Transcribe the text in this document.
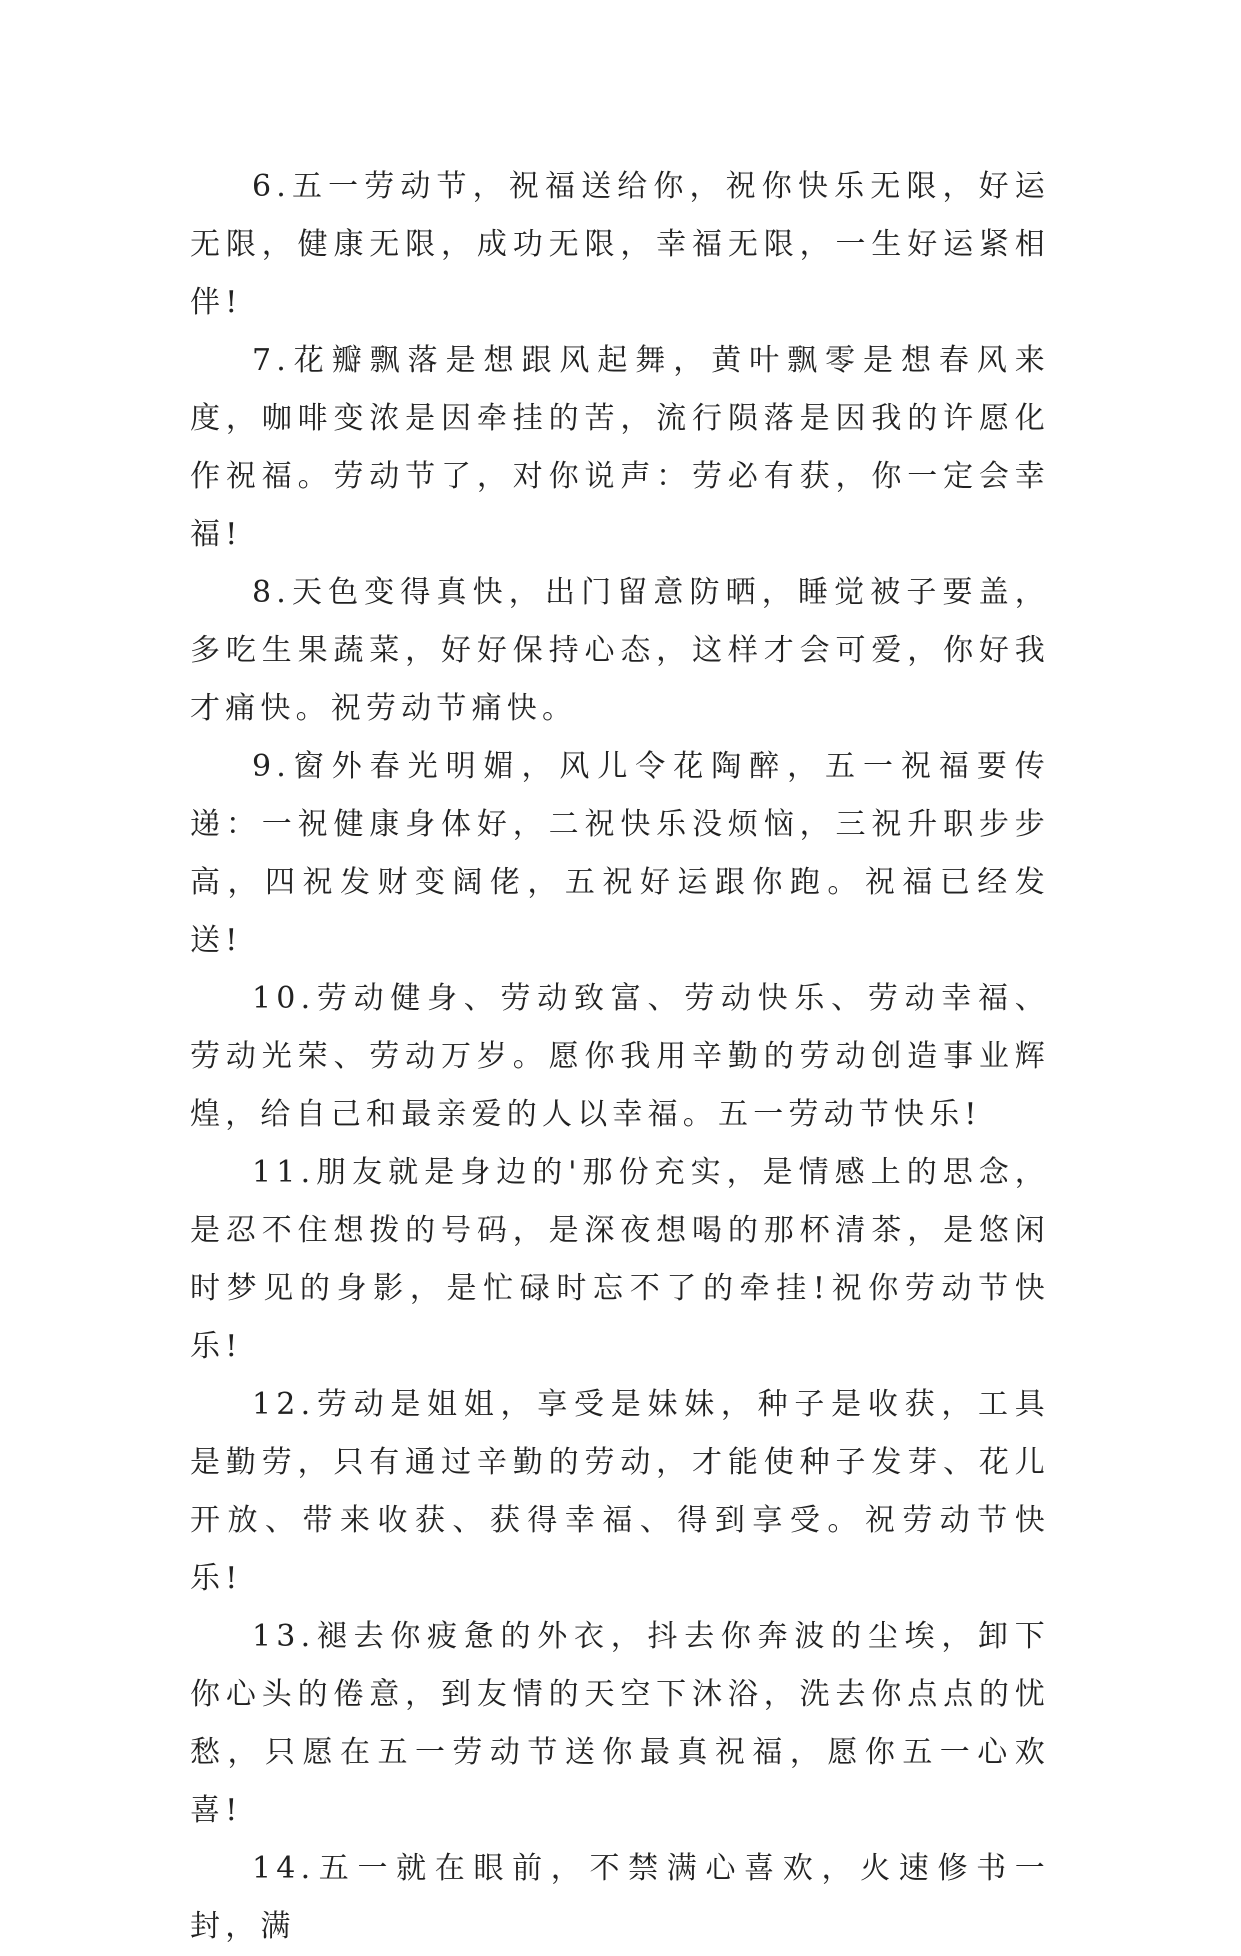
6.五一劳动节，祝福送给你，祝你快乐无限，好运无限，健康无限，成功无限，幸福无限，一生好运紧相伴!

7.花瓣飘落是想跟风起舞，黄叶飘零是想春风来度，咖啡变浓是因牵挂的苦，流行陨落是因我的许愿化作祝福。劳动节了，对你说声：劳必有获，你一定会幸福!

8.天色变得真快，出门留意防晒，睡觉被子要盖，多吃生果蔬菜，好好保持心态，这样才会可爱，你好我才痛快。祝劳动节痛快。

9.窗外春光明媚，风儿令花陶醉，五一祝福要传递：一祝健康身体好，二祝快乐没烦恼，三祝升职步步高，四祝发财变阔佬，五祝好运跟你跑。祝福已经发送!

10.劳动健身、劳动致富、劳动快乐、劳动幸福、劳动光荣、劳动万岁。愿你我用辛勤的劳动创造事业辉煌，给自己和最亲爱的人以幸福。五一劳动节快乐!

11.朋友就是身边的'那份充实，是情感上的思念，是忍不住想拨的号码，是深夜想喝的那杯清茶，是悠闲时梦见的身影，是忙碌时忘不了的牵挂!祝你劳动节快乐!

12.劳动是姐姐，享受是妹妹，种子是收获，工具是勤劳，只有通过辛勤的劳动，才能使种子发芽、花儿开放、带来收获、获得幸福、得到享受。祝劳动节快乐!

13.褪去你疲惫的外衣，抖去你奔波的尘埃，卸下你心头的倦意，到友情的天空下沐浴，洗去你点点的忧愁，只愿在五一劳动节送你最真祝福，愿你五一心欢喜!

14.五一就在眼前，不禁满心喜欢，火速修书一封，满
